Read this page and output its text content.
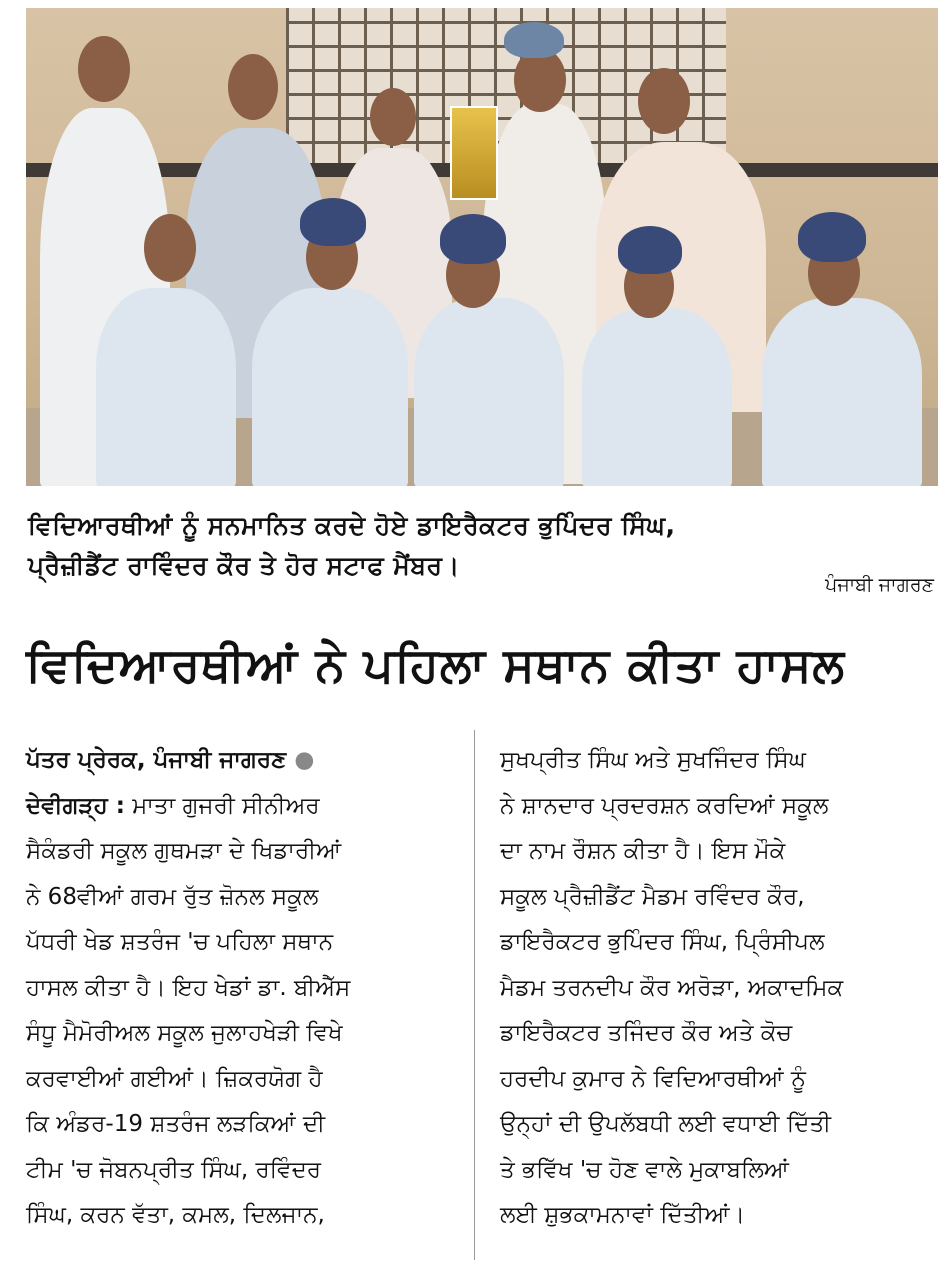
ਵਿਦਿਆਰਥੀਆਂ ਨੂੰ ਸਨਮਾਨਿਤ ਕਰਦੇ ਹੋਏ ਡਾਇਰੈਕਟਰ ਭੁਪਿੰਦਰ ਸਿੰਘ,
ਪ੍ਰੈਜ਼ੀਡੈਂਟ ਰਾਵਿੰਦਰ ਕੌਰ ਤੇ ਹੋਰ ਸਟਾਫ ਮੈਂਬਰ।
ਪੰਜਾਬੀ ਜਾਗਰਣ
ਵਿਦਿਆਰਥੀਆਂ ਨੇ ਪਹਿਲਾ ਸਥਾਨ ਕੀਤਾ ਹਾਸਲ
ਪੱਤਰ ਪ੍ਰੇਰਕ, ਪੰਜਾਬੀ ਜਾਗਰਣ ●
ਦੇਵੀਗੜ੍ਹ : ਮਾਤਾ ਗੁਜਰੀ ਸੀਨੀਅਰ
ਸੈਕੰਡਰੀ ਸਕੂਲ ਗੁਥਮੜਾ ਦੇ ਖਿਡਾਰੀਆਂ
ਨੇ 68ਵੀਆਂ ਗਰਮ ਰੁੱਤ ਜ਼ੋਨਲ ਸਕੂਲ
ਪੱਧਰੀ ਖੇਡ ਸ਼ਤਰੰਜ 'ਚ ਪਹਿਲਾ ਸਥਾਨ
ਹਾਸਲ ਕੀਤਾ ਹੈ। ਇਹ ਖੇਡਾਂ ਡਾ. ਬੀਐੱਸ
ਸੰਧੂ ਮੈਮੋਰੀਅਲ ਸਕੂਲ ਜੁਲਾਹਖੇੜੀ ਵਿਖੇ
ਕਰਵਾਈਆਂ ਗਈਆਂ। ਜ਼ਿਕਰਯੋਗ ਹੈ
ਕਿ ਅੰਡਰ-19 ਸ਼ਤਰੰਜ ਲੜਕਿਆਂ ਦੀ
ਟੀਮ 'ਚ ਜੋਬਨਪ੍ਰੀਤ ਸਿੰਘ, ਰਵਿੰਦਰ
ਸਿੰਘ, ਕਰਨ ਵੱਤਾ, ਕਮਲ, ਦਿਲਜਾਨ,
ਸੁਖਪ੍ਰੀਤ ਸਿੰਘ ਅਤੇ ਸੁਖਜਿੰਦਰ ਸਿੰਘ
ਨੇ ਸ਼ਾਨਦਾਰ ਪ੍ਰਦਰਸ਼ਨ ਕਰਦਿਆਂ ਸਕੂਲ
ਦਾ ਨਾਮ ਰੌਸ਼ਨ ਕੀਤਾ ਹੈ। ਇਸ ਮੌਕੇ
ਸਕੂਲ ਪ੍ਰੈਜ਼ੀਡੈਂਟ ਮੈਡਮ ਰਵਿੰਦਰ ਕੌਰ,
ਡਾਇਰੈਕਟਰ ਭੁਪਿੰਦਰ ਸਿੰਘ, ਪ੍ਰਿੰਸੀਪਲ
ਮੈਡਮ ਤਰਨਦੀਪ ਕੌਰ ਅਰੋੜਾ, ਅਕਾਦਮਿਕ
ਡਾਇਰੈਕਟਰ ਤਜਿੰਦਰ ਕੌਰ ਅਤੇ ਕੋਚ
ਹਰਦੀਪ ਕੁਮਾਰ ਨੇ ਵਿਦਿਆਰਥੀਆਂ ਨੂੰ
ਉਨ੍ਹਾਂ ਦੀ ਉਪਲੱਬਧੀ ਲਈ ਵਧਾਈ ਦਿੱਤੀ
ਤੇ ਭਵਿੱਖ 'ਚ ਹੋਣ ਵਾਲੇ ਮੁਕਾਬਲਿਆਂ
ਲਈ ਸ਼ੁਭਕਾਮਨਾਵਾਂ ਦਿੱਤੀਆਂ।
